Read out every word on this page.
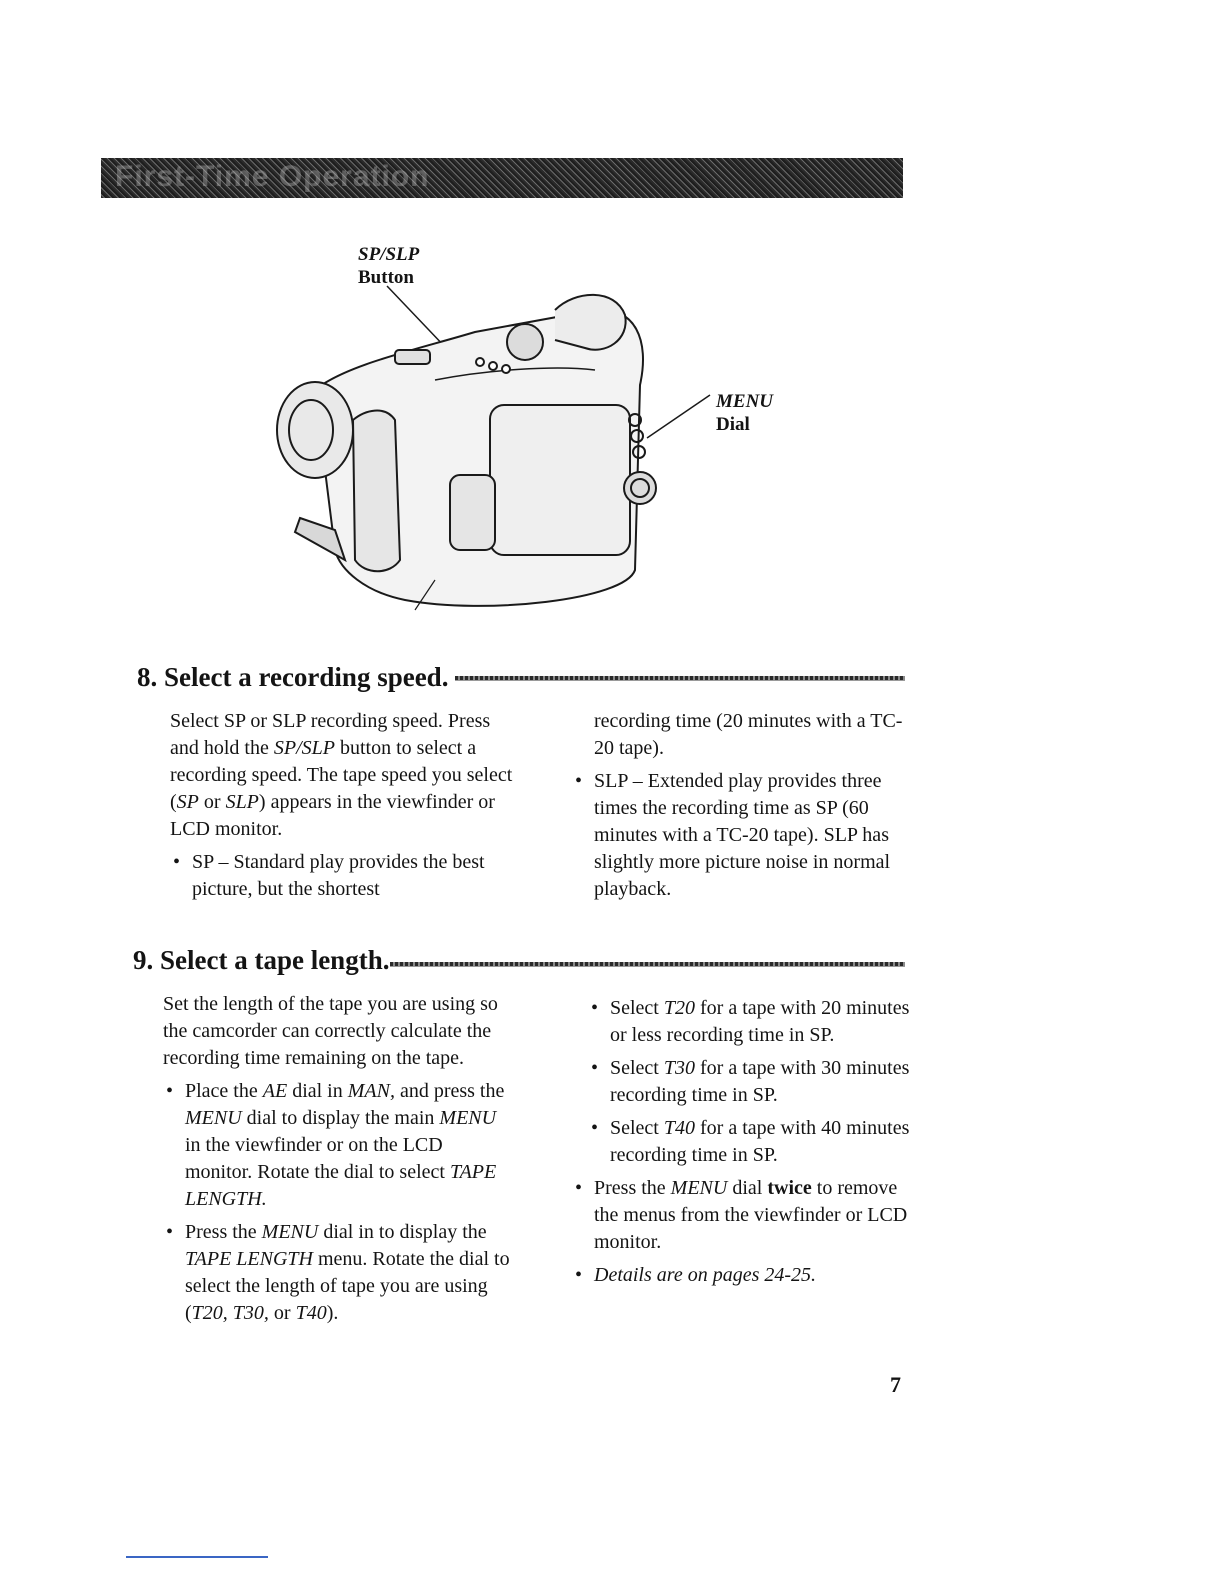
First-Time Operation
SP/SLP
Button
MENU
Dial
8. Select a recording speed.

Select SP or SLP recording speed. Press and hold the SP/SLP button to select a recording speed. The tape speed you select (SP or SLP) appears in the viewfinder or LCD monitor.

• SP – Standard play provides the best picture, but the shortest

recording time (20 minutes with a TC-20 tape).

• SLP – Extended play provides three times the recording time as SP (60 minutes with a TC-20 tape). SLP has slightly more picture noise in normal playback.

9. Select a tape length.

Set the length of the tape you are using so the camcorder can correctly calculate the recording time remaining on the tape.

• Place the AE dial in MAN, and press the MENU dial to display the main MENU in the viewfinder or on the LCD monitor. Rotate the dial to select TAPE LENGTH.

• Press the MENU dial in to display the TAPE LENGTH menu. Rotate the dial to select the length of tape you are using (T20, T30, or T40).

• Select T20 for a tape with 20 minutes or less recording time in SP.

• Select T30 for a tape with 30 minutes recording time in SP.

• Select T40 for a tape with 40 minutes recording time in SP.

• Press the MENU dial twice to remove the menus from the viewfinder or LCD monitor.

• Details are on pages 24-25.

7
